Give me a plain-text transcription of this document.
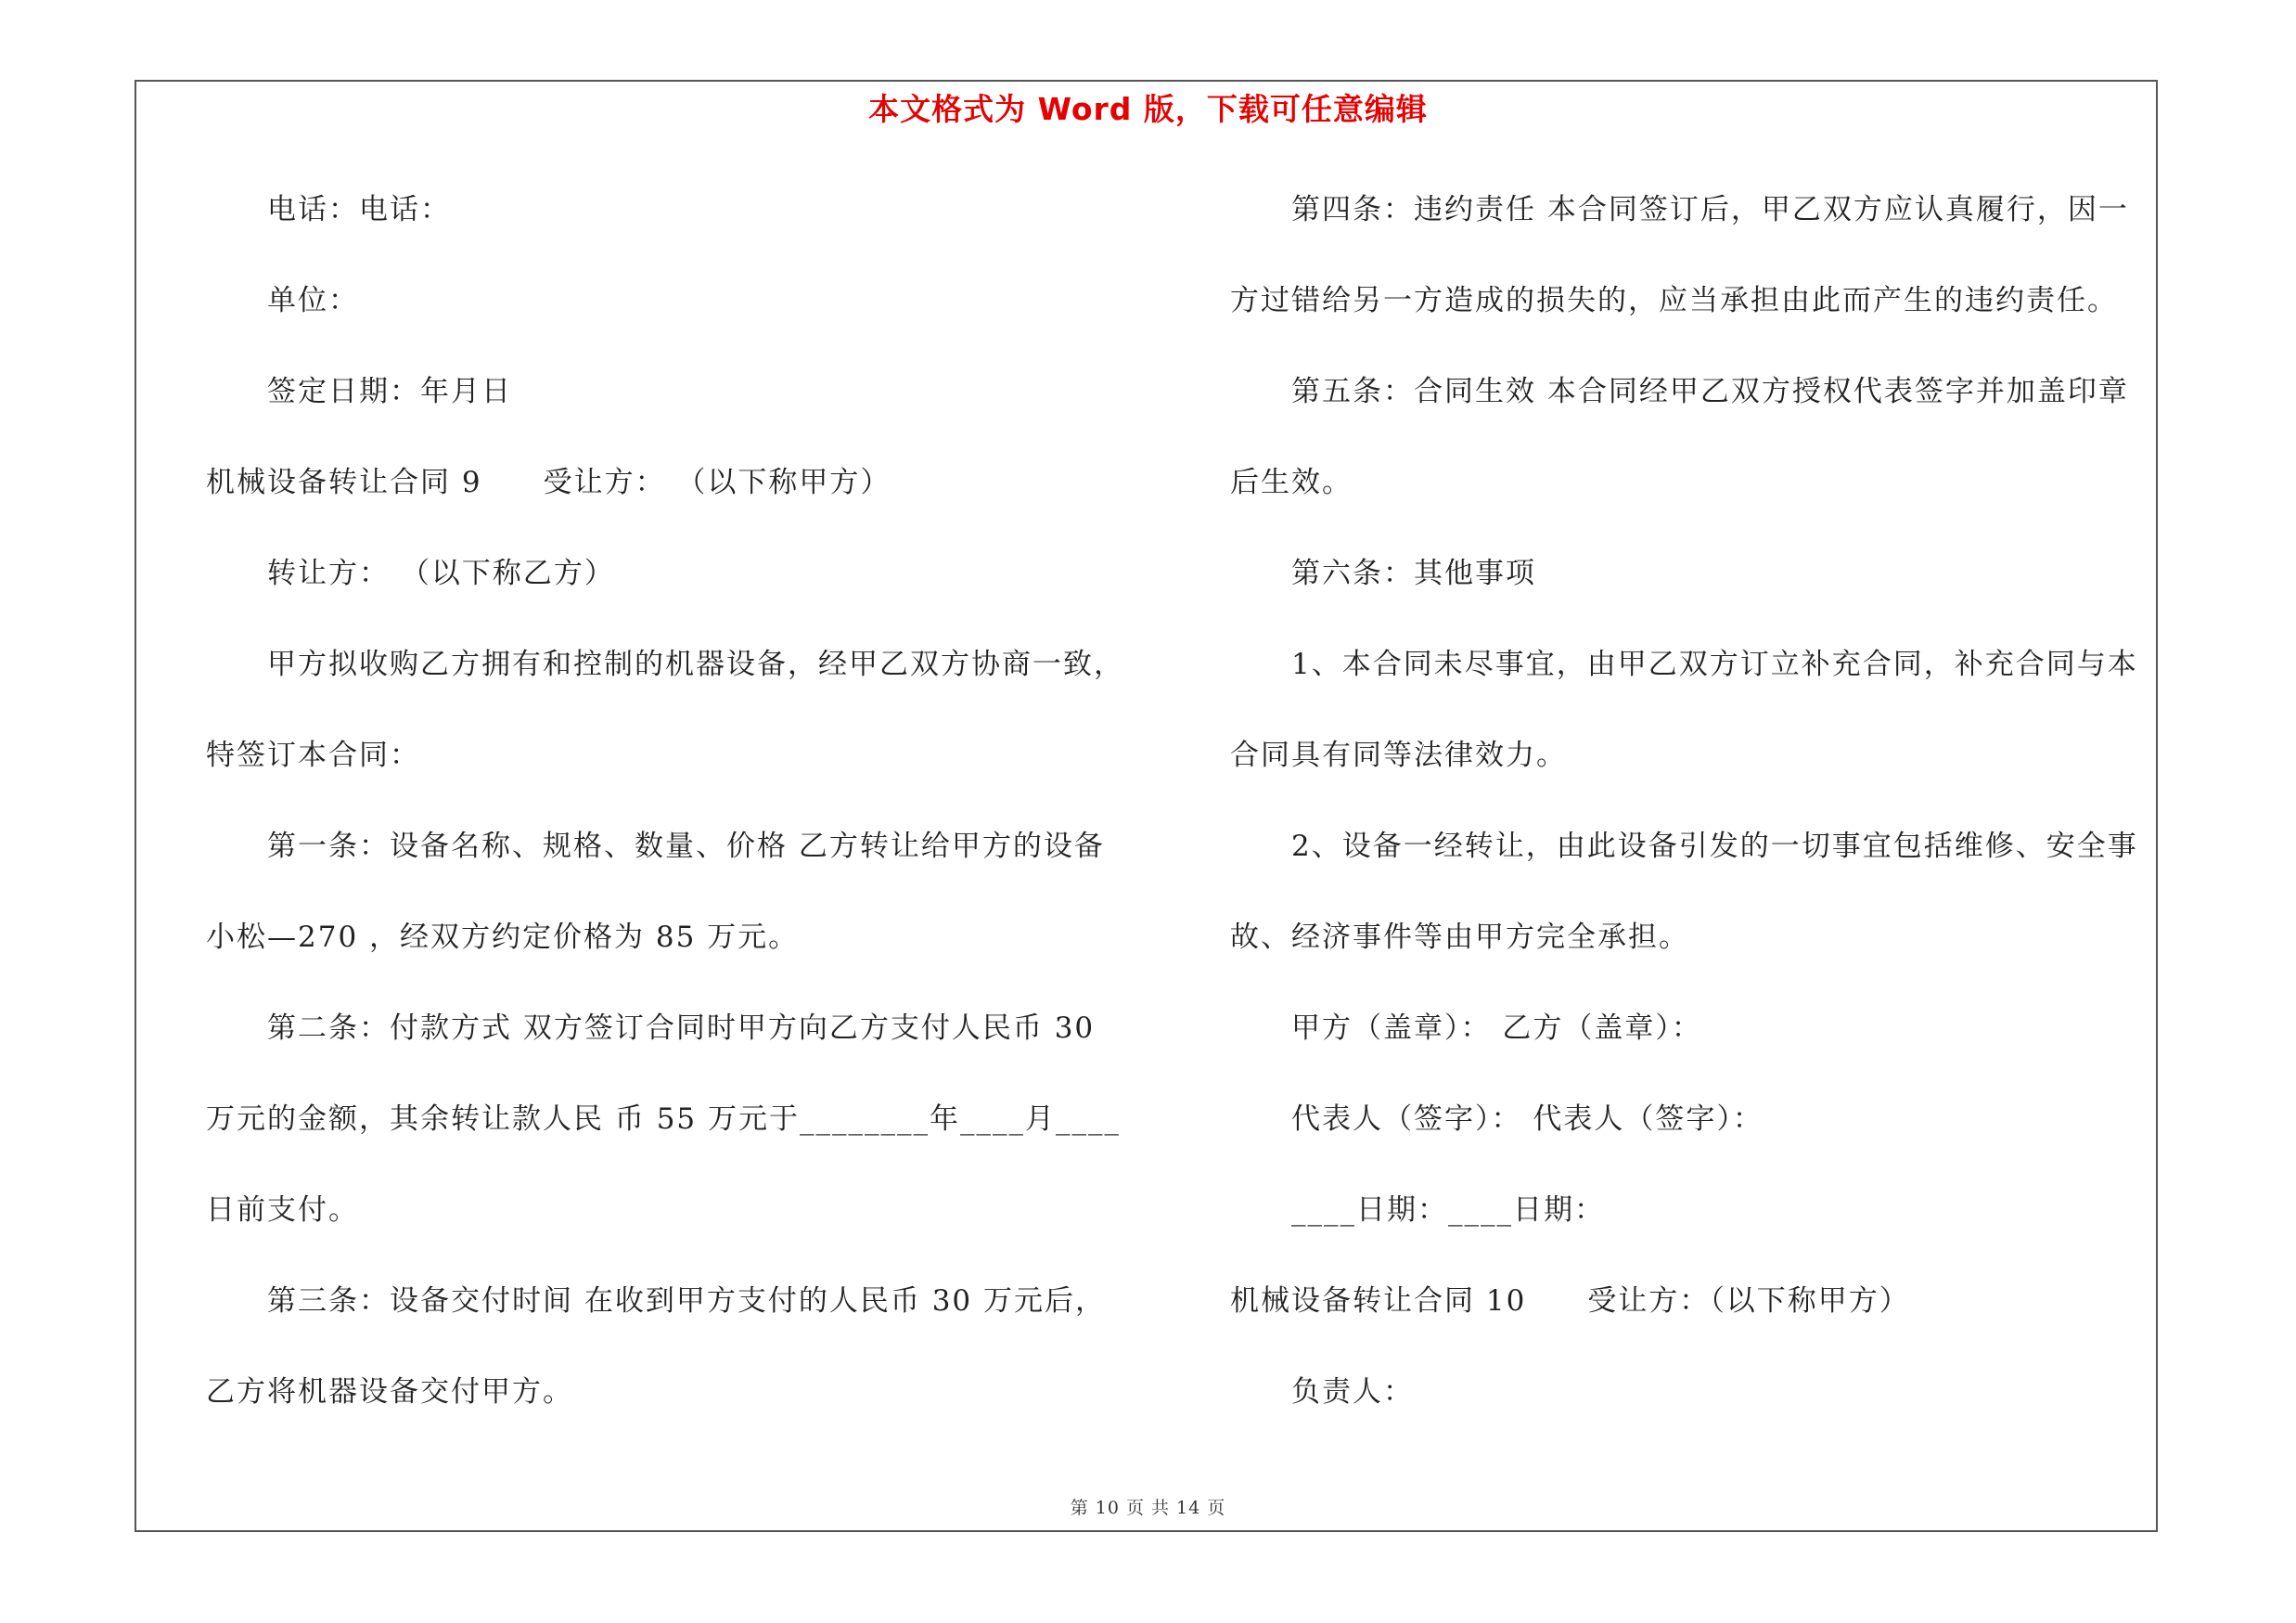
本文格式为 Word 版，下载可任意编辑
电话：电话：
单位：
签定日期：年月日
机械设备转让合同 9 受让方： （以下称甲方）
转让方： （以下称乙方）
甲方拟收购乙方拥有和控制的机器设备，经甲乙双方协商一致，
特签订本合同：
第一条：设备名称、规格、数量、价格 乙方转让给甲方的设备
小松—270 ，经双方约定价格为 85 万元。
第二条：付款方式 双方签订合同时甲方向乙方支付人民币 30
万元的金额，其余转让款人民 币 55 万元于________年____月____
日前支付。
第三条：设备交付时间 在收到甲方支付的人民币 30 万元后，
乙方将机器设备交付甲方。
第四条：违约责任 本合同签订后，甲乙双方应认真履行，因一
方过错给另一方造成的损失的，应当承担由此而产生的违约责任。
第五条：合同生效 本合同经甲乙双方授权代表签字并加盖印章
后生效。
第六条：其他事项
1、本合同未尽事宜，由甲乙双方订立补充合同，补充合同与本
合同具有同等法律效力。
2、设备一经转让，由此设备引发的一切事宜包括维修、安全事
故、经济事件等由甲方完全承担。
甲方（盖章）： 乙方（盖章）：
代表人（签字）： 代表人（签字）：
____日期：____日期：
机械设备转让合同 10 受让方：（以下称甲方）
负责人：
第 10 页 共 14 页
